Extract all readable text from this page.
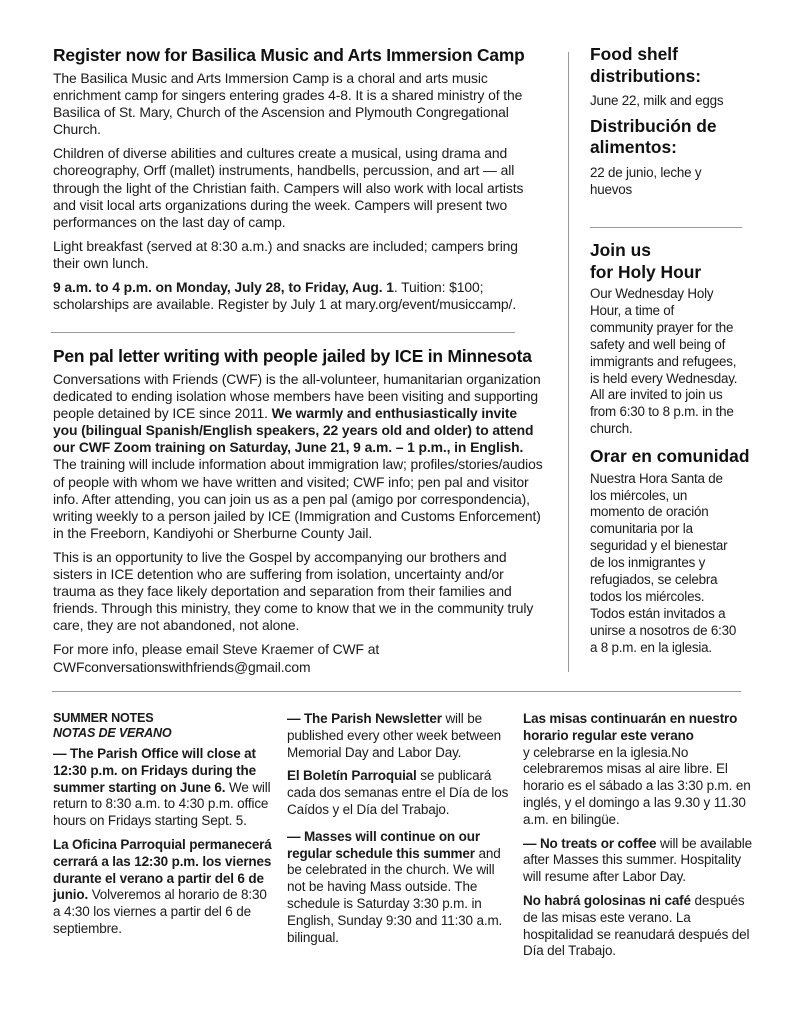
Register now for Basilica Music and Arts Immersion Camp

The Basilica Music and Arts Immersion Camp is a choral and arts music enrichment camp for singers entering grades 4-8. It is a shared ministry of the Basilica of St. Mary, Church of the Ascension and Plymouth Congregational Church.

Children of diverse abilities and cultures create a musical, using drama and choreography, Orff (mallet) instruments, handbells, percussion, and art — all through the light of the Christian faith. Campers will also work with local artists and visit local arts organizations during the week. Campers will present two performances on the last day of camp.

Light breakfast (served at 8:30 a.m.) and snacks are included; campers bring their own lunch.

9 a.m. to 4 p.m. on Monday, July 28, to Friday, Aug. 1. Tuition: $100; scholarships are available. Register by July 1 at mary.org/event/musiccamp/.

Pen pal letter writing with people jailed by ICE in Minnesota

Conversations with Friends (CWF) is the all-volunteer, humanitarian organization dedicated to ending isolation whose members have been visiting and supporting people detained by ICE since 2011. We warmly and enthusiastically invite you (bilingual Spanish/English speakers, 22 years old and older) to attend our CWF Zoom training on Saturday, June 21, 9 a.m. – 1 p.m., in English. The training will include information about immigration law; profiles/stories/audios of people with whom we have written and visited; CWF info; pen pal and visitor info. After attending, you can join us as a pen pal (amigo por correspondencia), writing weekly to a person jailed by ICE (Immigration and Customs Enforcement) in the Freeborn, Kandiyohi or Sherburne County Jail.

This is an opportunity to live the Gospel by accompanying our brothers and sisters in ICE detention who are suffering from isolation, uncertainty and/or trauma as they face likely deportation and separation from their families and friends. Through this ministry, they come to know that we in the community truly care, they are not abandoned, not alone.

For more info, please email Steve Kraemer of CWF at
CWFconversationswithfriends@gmail.com

Food shelf distributions:

June 22, milk and eggs

Distribución de alimentos:

22 de junio, leche y huevos

Join us
for Holy Hour

Our Wednesday Holy Hour, a time of community prayer for the safety and well being of immigrants and refugees, is held every Wednesday. All are invited to join us from 6:30 to 8 p.m. in the church.

Orar en comunidad

Nuestra Hora Santa de los miércoles, un momento de oración comunitaria por la seguridad y el bienestar de los inmigrantes y refugiados, se celebra todos los miércoles. Todos están invitados a unirse a nosotros de 6:30 a 8 p.m. en la iglesia.

SUMMER NOTES
NOTAS DE VERANO

— The Parish Office will close at 12:30 p.m. on Fridays during the summer starting on June 6. We will return to 8:30 a.m. to 4:30 p.m. office hours on Fridays starting Sept. 5.

La Oficina Parroquial permanecerá cerrará a las 12:30 p.m. los viernes durante el verano a partir del 6 de junio. Volveremos al horario de 8:30 a 4:30 los viernes a partir del 6 de septiembre.

— The Parish Newsletter will be published every other week between Memorial Day and Labor Day.

El Boletín Parroquial se publicará cada dos semanas entre el Día de los Caídos y el Día del Trabajo.

— Masses will continue on our regular schedule this summer and be celebrated in the church. We will not be having Mass outside. The schedule is Saturday 3:30 p.m. in English, Sunday 9:30 and 11:30 a.m. bilingual.

Las misas continuarán en nuestro horario regular este verano
y celebrarse en la iglesia.No celebraremos misas al aire libre. El horario es el sábado a las 3:30 p.m. en inglés, y el domingo a las 9.30 y 11.30 a.m. en bilingüe.

— No treats or coffee will be available after Masses this summer. Hospitality will resume after Labor Day.

No habrá golosinas ni café después de las misas este verano. La hospitalidad se reanudará después del Día del Trabajo.
